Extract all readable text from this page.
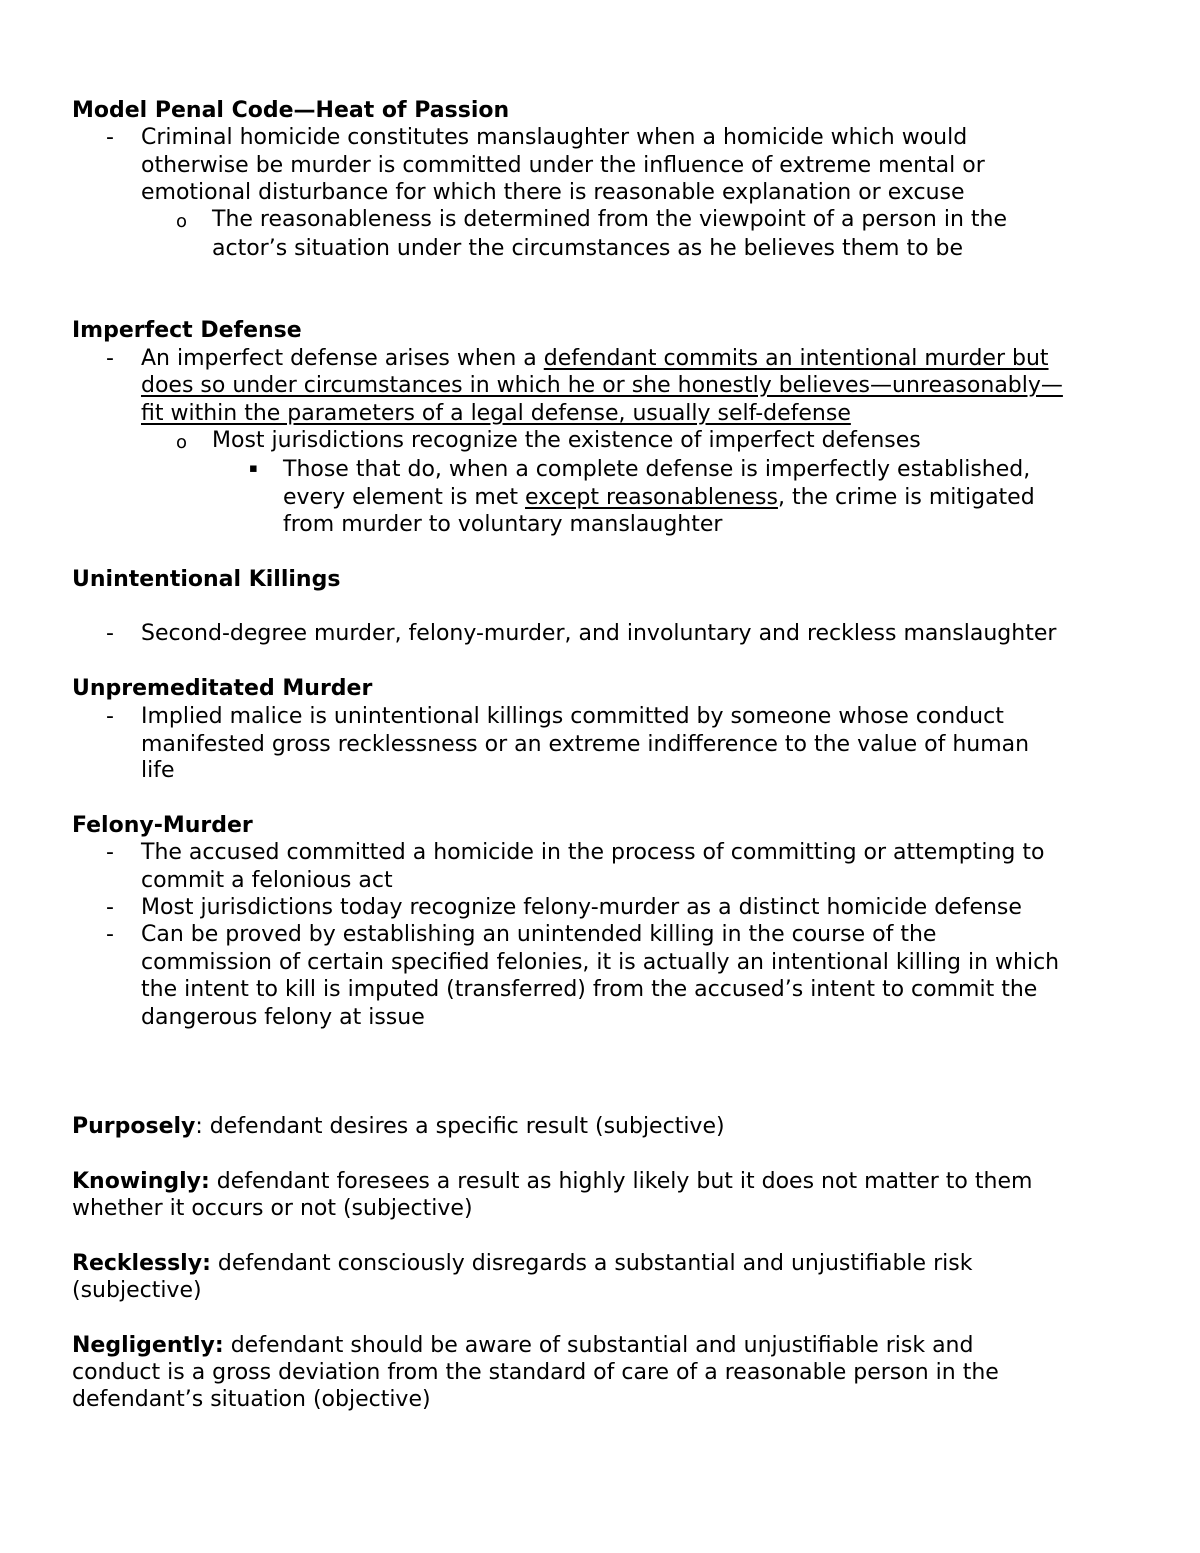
Model Penal Code—Heat of Passion
- Criminal homicide constitutes manslaughter when a homicide which would
otherwise be murder is committed under the influence of extreme mental or
emotional disturbance for which there is reasonable explanation or excuse
o The reasonableness is determined from the viewpoint of a person in the
actor’s situation under the circumstances as he believes them to be
Imperfect Defense
- An imperfect defense arises when a defendant commits an intentional murder but
does so under circumstances in which he or she honestly believes—unreasonably—
fit within the parameters of a legal defense, usually self-defense
o Most jurisdictions recognize the existence of imperfect defenses
▪ Those that do, when a complete defense is imperfectly established,
every element is met except reasonableness, the crime is mitigated
from murder to voluntary manslaughter
Unintentional Killings
- Second-degree murder, felony-murder, and involuntary and reckless manslaughter
Unpremeditated Murder
- Implied malice is unintentional killings committed by someone whose conduct
manifested gross recklessness or an extreme indifference to the value of human
life
Felony-Murder
- The accused committed a homicide in the process of committing or attempting to
commit a felonious act
- Most jurisdictions today recognize felony-murder as a distinct homicide defense
- Can be proved by establishing an unintended killing in the course of the
commission of certain specified felonies, it is actually an intentional killing in which
the intent to kill is imputed (transferred) from the accused’s intent to commit the
dangerous felony at issue
Purposely: defendant desires a specific result (subjective)
Knowingly: defendant foresees a result as highly likely but it does not matter to them
whether it occurs or not (subjective)
Recklessly: defendant consciously disregards a substantial and unjustifiable risk
(subjective)
Negligently: defendant should be aware of substantial and unjustifiable risk and
conduct is a gross deviation from the standard of care of a reasonable person in the
defendant’s situation (objective)
